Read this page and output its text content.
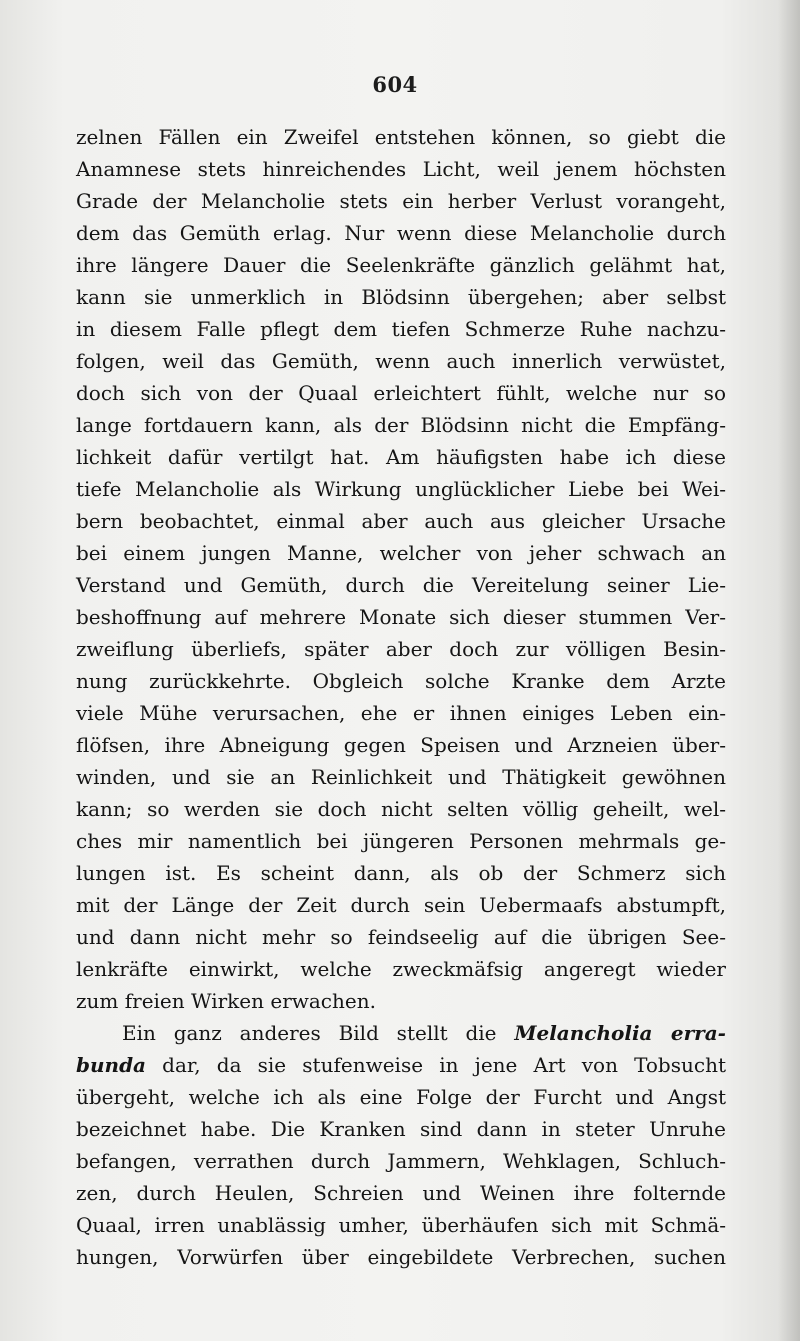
604
zelnen Fällen ein Zweifel entstehen können, so giebt die
Anamnese stets hinreichendes Licht, weil jenem höchsten
Grade der Melancholie stets ein herber Verlust vorangeht,
dem das Gemüth erlag. Nur wenn diese Melancholie durch
ihre längere Dauer die Seelenkräfte gänzlich gelähmt hat,
kann sie unmerklich in Blödsinn übergehen; aber selbst
in diesem Falle pflegt dem tiefen Schmerze Ruhe nachzu-
folgen, weil das Gemüth, wenn auch innerlich verwüstet,
doch sich von der Quaal erleichtert fühlt, welche nur so
lange fortdauern kann, als der Blödsinn nicht die Empfäng-
lichkeit dafür vertilgt hat. Am häufigsten habe ich diese
tiefe Melancholie als Wirkung unglücklicher Liebe bei Wei-
bern beobachtet, einmal aber auch aus gleicher Ursache
bei einem jungen Manne, welcher von jeher schwach an
Verstand und Gemüth, durch die Vereitelung seiner Lie-
beshoffnung auf mehrere Monate sich dieser stummen Ver-
zweiflung überliefs, später aber doch zur völligen Besin-
nung zurückkehrte. Obgleich solche Kranke dem Arzte
viele Mühe verursachen, ehe er ihnen einiges Leben ein-
flöfsen, ihre Abneigung gegen Speisen und Arzneien über-
winden, und sie an Reinlichkeit und Thätigkeit gewöhnen
kann; so werden sie doch nicht selten völlig geheilt, wel-
ches mir namentlich bei jüngeren Personen mehrmals ge-
lungen ist. Es scheint dann, als ob der Schmerz sich
mit der Länge der Zeit durch sein Uebermaafs abstumpft,
und dann nicht mehr so feindseelig auf die übrigen See-
lenkräfte einwirkt, welche zweckmäfsig angeregt wieder
zum freien Wirken erwachen.
Ein ganz anderes Bild stellt die Melancholia erra-
bunda dar, da sie stufenweise in jene Art von Tobsucht
übergeht, welche ich als eine Folge der Furcht und Angst
bezeichnet habe. Die Kranken sind dann in steter Unruhe
befangen, verrathen durch Jammern, Wehklagen, Schluch-
zen, durch Heulen, Schreien und Weinen ihre folternde
Quaal, irren unablässig umher, überhäufen sich mit Schmä-
hungen, Vorwürfen über eingebildete Verbrechen, suchen
